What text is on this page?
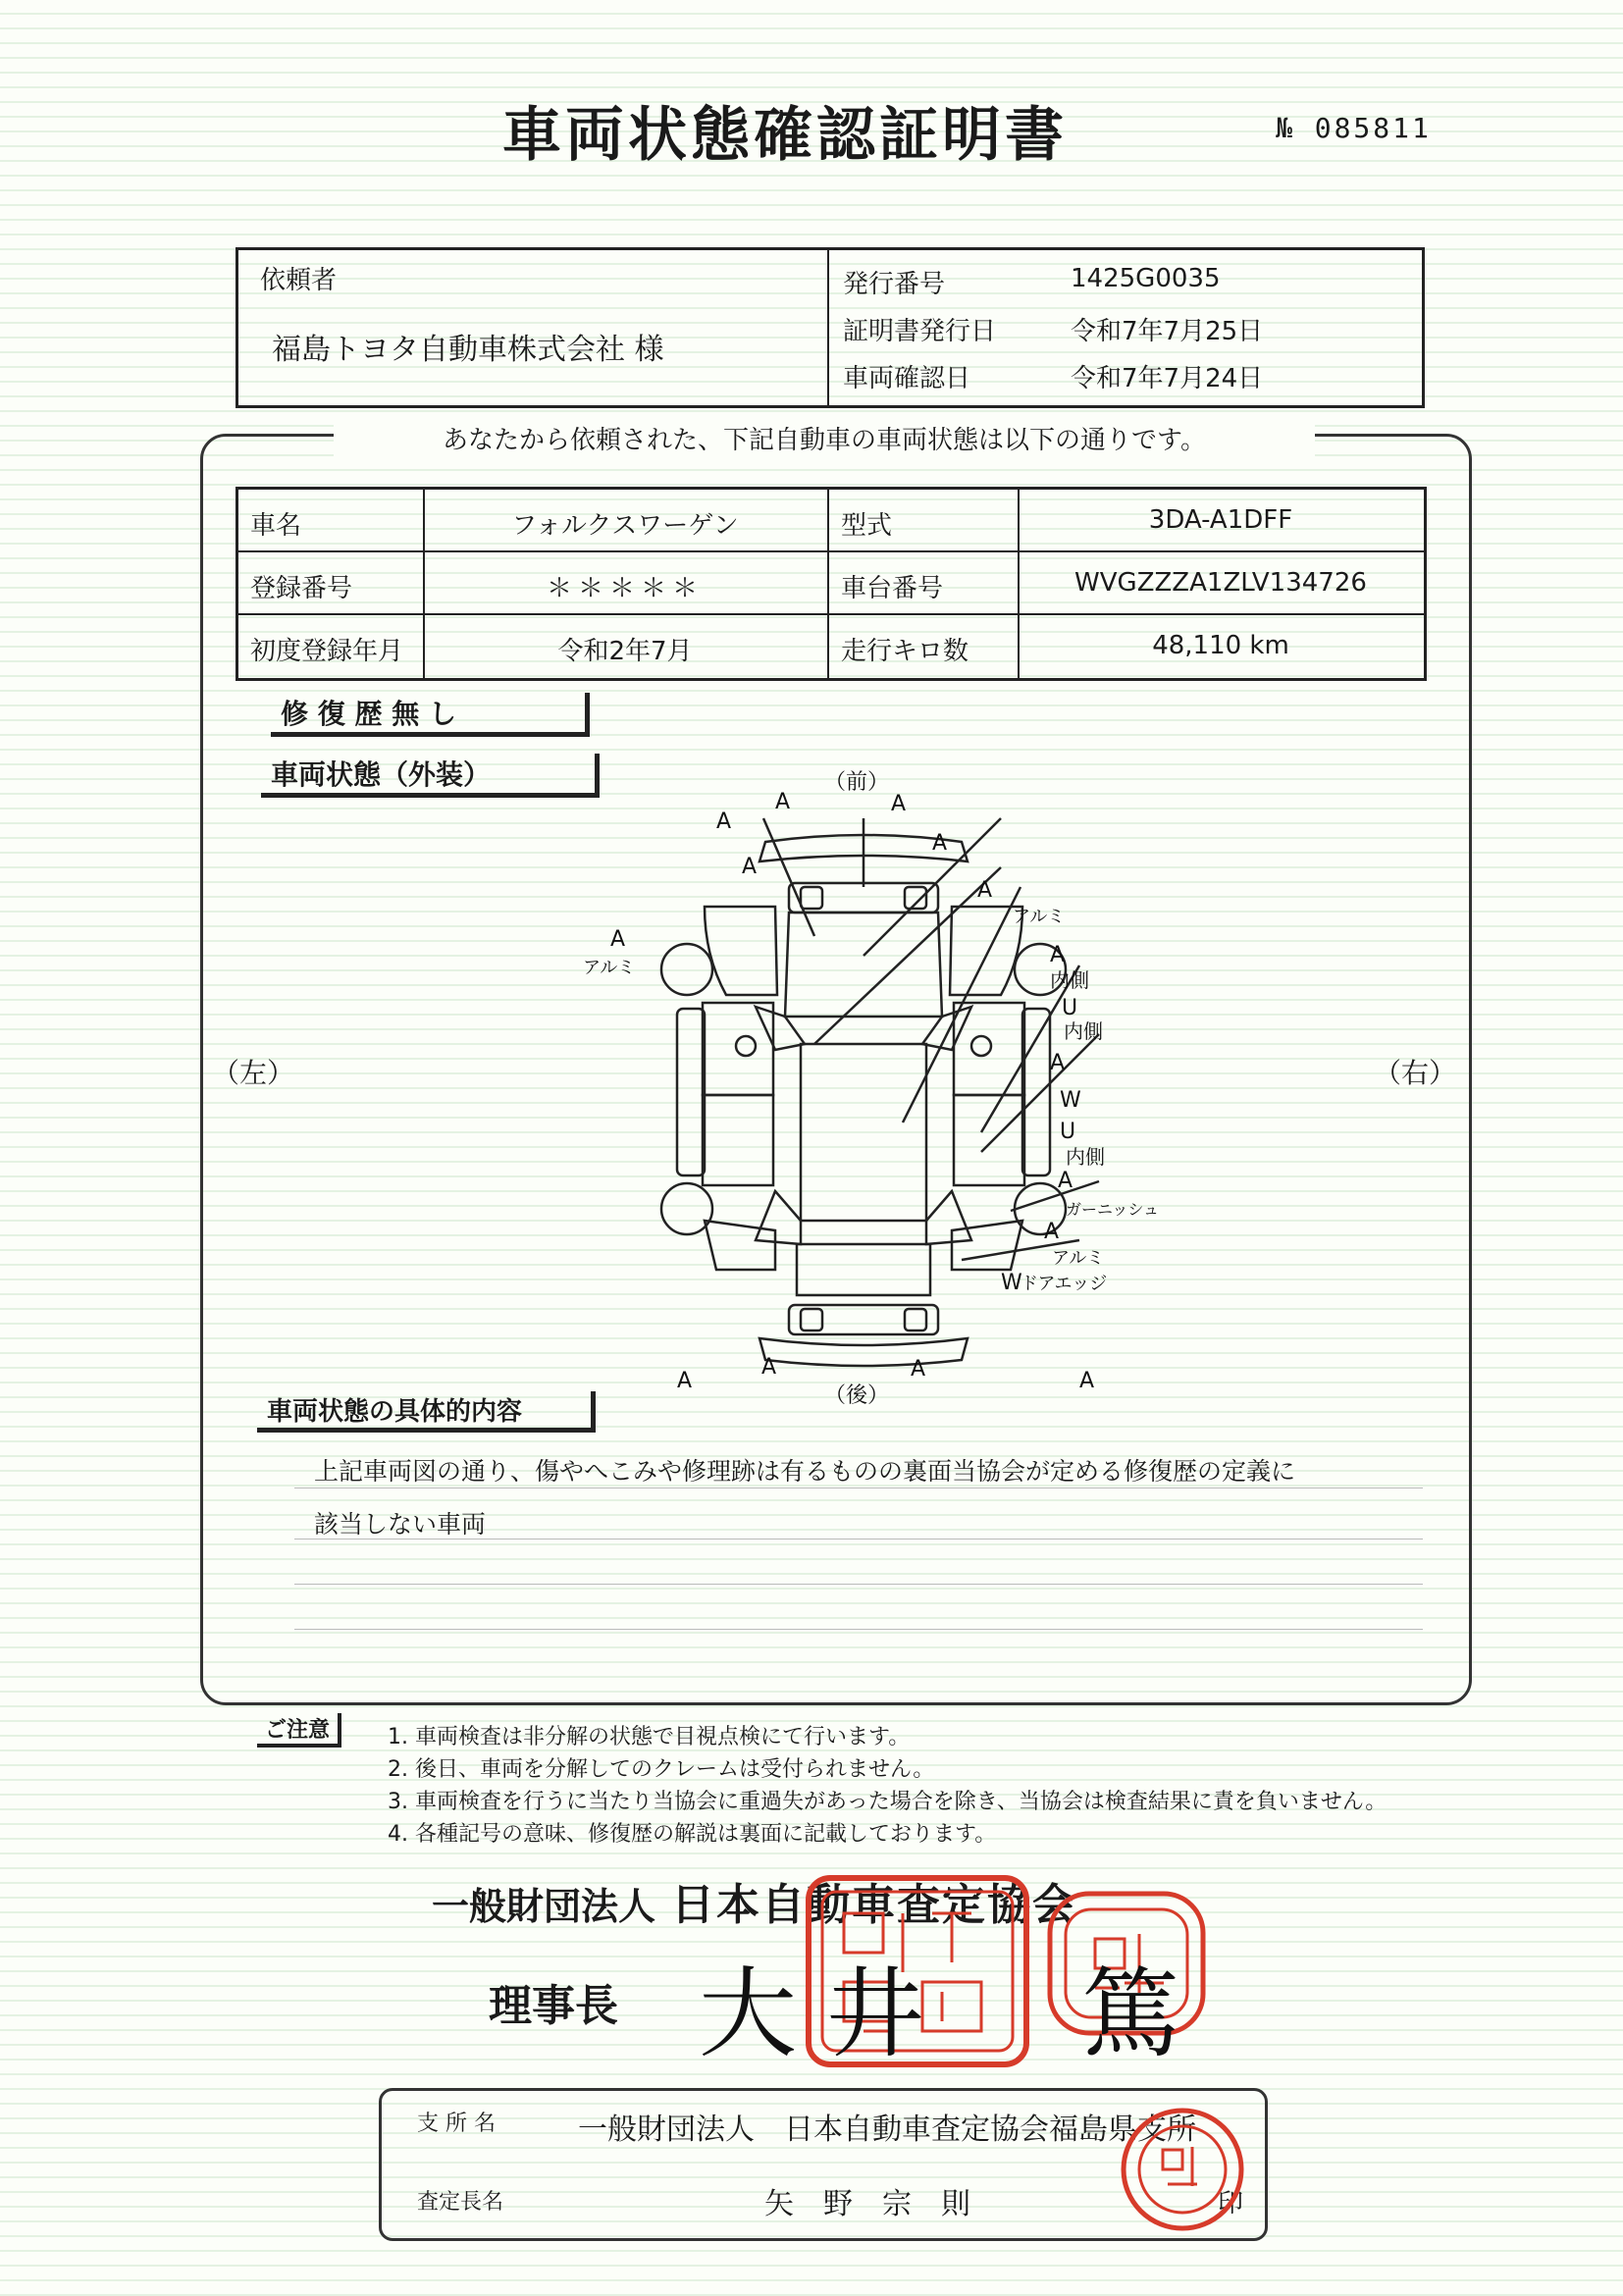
車両状態確認証明書	№ 085811
依頼者
福島トヨタ自動車株式会社 様
発行番号	1425G0035
証明書発行日	令和7年7月25日
車両確認日	令和7年7月24日
あなたから依頼された、下記自動車の車両状態は以下の通りです。
車名	フォルクスワーゲン	型式	3DA-A1DFF
登録番号	＊＊＊＊＊	車台番号	WVGZZZA1ZLV134726
初度登録年月	令和2年7月	走行キロ数	48,110 km
修 復 歴 無 し
車両状態（外装）
（左）	（右）
（前）
（後）
A
A	A
A
A
アルミ
A
アルミ
A
内側
U
内側
A
W
U
内側
A
ガーニッシュ
A
アルミ
W
ドアエッジ
A	A
A
A	A
車両状態の具体的内容
上記車両図の通り、傷やへこみや修理跡は有るものの裏面当協会が定める修復歴の定義に
該当しない車両
ご注意	1. 車両検査は非分解の状態で目視点検にて行います。
2. 後日、車両を分解してのクレームは受付られません。
3. 車両検査を行うに当たり当協会に重過失があった場合を除き、当協会は検査結果に責を負いません。
4. 各種記号の意味、修復歴の解説は裏面に記載しております。
一般財団法人 日本自動車査定協会
理事長 大井　篤
支 所 名	一般財団法人　日本自動車査定協会福島県支所
査定長名	矢　野　宗　則	印
